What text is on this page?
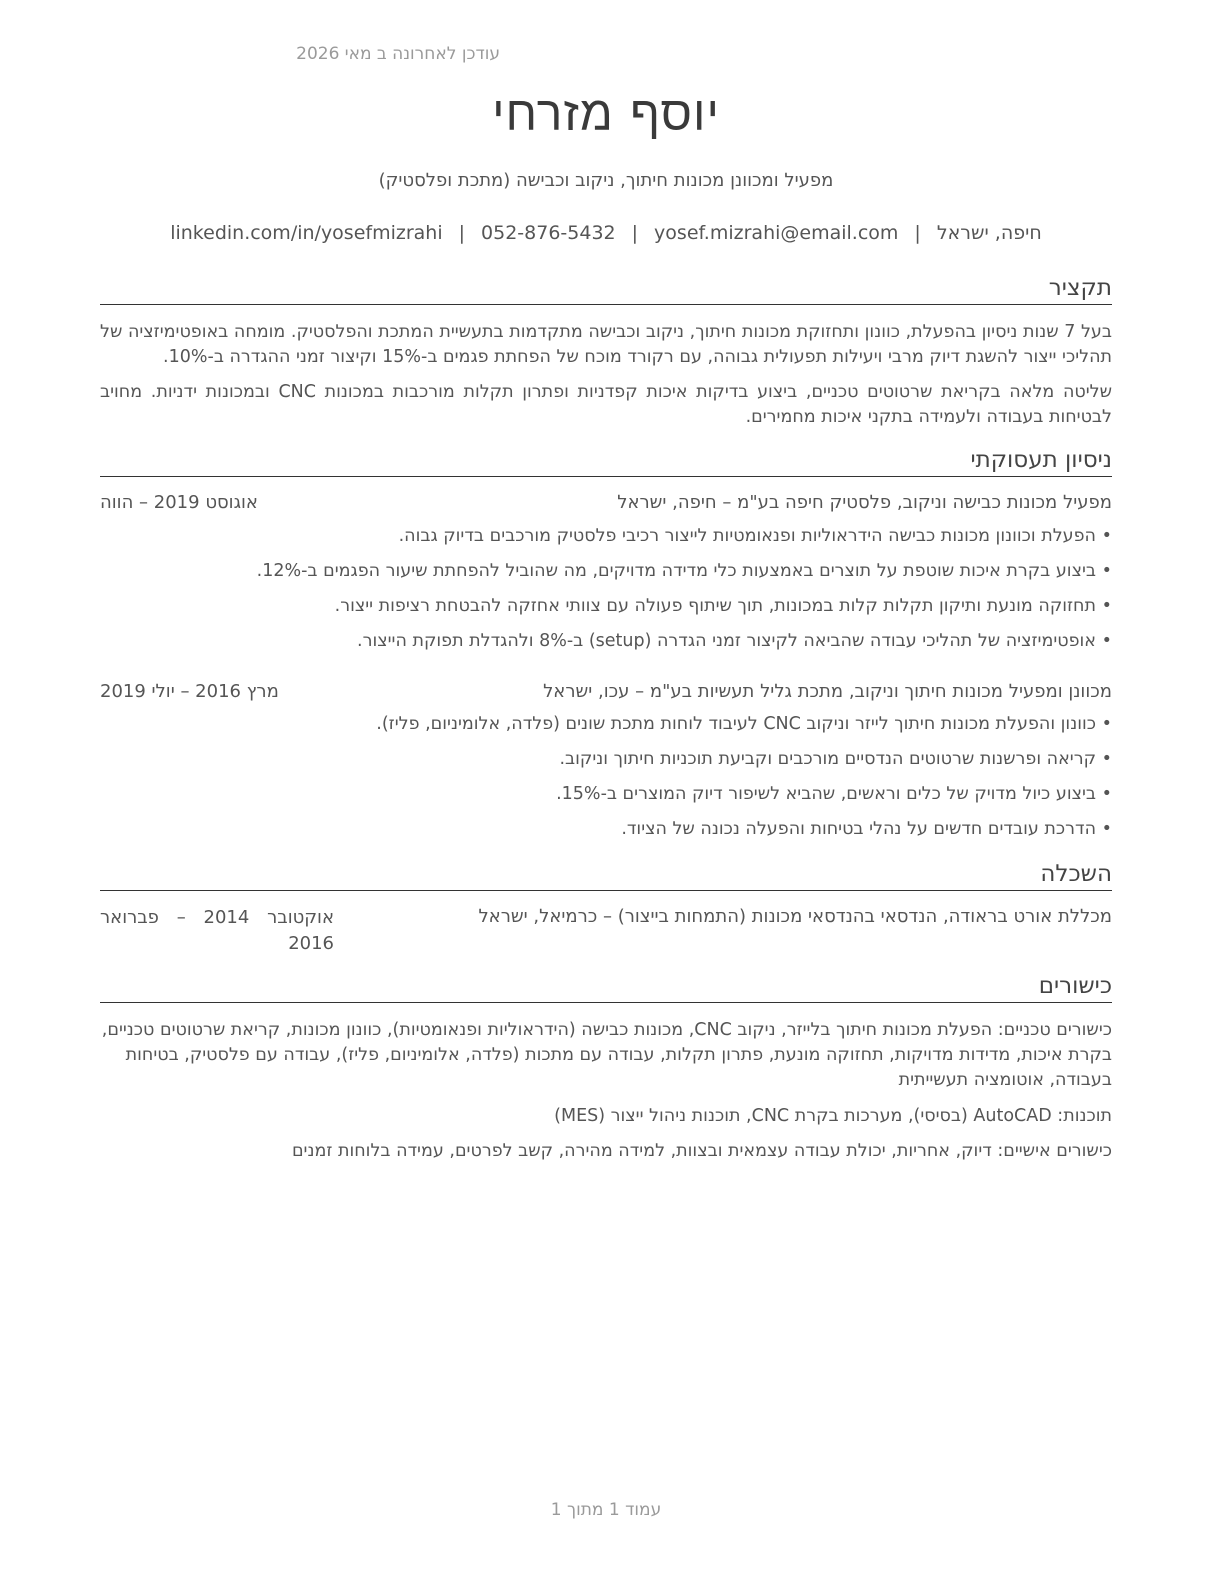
עודכן לאחרונה ב מאי 2026
יוסף מזרחי
מפעיל ומכוונן מכונות חיתוך, ניקוב וכבישה (מתכת ופלסטיק)
חיפה, ישראל|yosef.mizrahi@email.com|052-876-5432|linkedin.com/in/yosefmizrahi
תקציר
בעל 7 שנות ניסיון בהפעלת, כוונון ותחזוקת מכונות חיתוך, ניקוב וכבישה מתקדמות בתעשיית המתכת והפלסטיק. מומחה באופטימיזציה של תהליכי ייצור להשגת דיוק מרבי ויעילות תפעולית גבוהה, עם רקורד מוכח של הפחתת פגמים ב-15% וקיצור זמני ההגדרה ב-10%.
שליטה מלאה בקריאת שרטוטים טכניים, ביצוע בדיקות איכות קפדניות ופתרון תקלות מורכבות במכונות CNC ובמכונות ידניות. מחויב לבטיחות בעבודה ולעמידה בתקני איכות מחמירים.
ניסיון תעסוקתי
מפעיל מכונות כבישה וניקוב, פלסטיק חיפה בע"מ – חיפה, ישראל
אוגוסט 2019 – הווה
•
הפעלת וכוונון מכונות כבישה הידראוליות ופנאומטיות לייצור רכיבי פלסטיק מורכבים בדיוק גבוה.
•
ביצוע בקרת איכות שוטפת על תוצרים באמצעות כלי מדידה מדויקים, מה שהוביל להפחתת שיעור הפגמים ב-12%.
•
תחזוקה מונעת ותיקון תקלות קלות במכונות, תוך שיתוף פעולה עם צוותי אחזקה להבטחת רציפות ייצור.
•
אופטימיזציה של תהליכי עבודה שהביאה לקיצור זמני הגדרה (setup) ב-8% ולהגדלת תפוקת הייצור.
מכוונן ומפעיל מכונות חיתוך וניקוב, מתכת גליל תעשיות בע"מ – עכו, ישראל
מרץ 2016 – יולי 2019
•
כוונון והפעלת מכונות חיתוך לייזר וניקוב CNC לעיבוד לוחות מתכת שונים (פלדה, אלומיניום, פליז).
•
קריאה ופרשנות שרטוטים הנדסיים מורכבים וקביעת תוכניות חיתוך וניקוב.
•
ביצוע כיול מדויק של כלים וראשים, שהביא לשיפור דיוק המוצרים ב-15%.
•
הדרכת עובדים חדשים על נהלי בטיחות והפעלה נכונה של הציוד.
השכלה
מכללת אורט בראודה, הנדסאי בהנדסאי מכונות (התמחות בייצור) – כרמיאל, ישראל
אוקטובר 2014 – פברואר 2016
כישורים
כישורים טכניים: הפעלת מכונות חיתוך בלייזר, ניקוב CNC, מכונות כבישה (הידראוליות ופנאומטיות), כוונון מכונות, קריאת שרטוטים טכניים, בקרת איכות, מדידות מדויקות, תחזוקה מונעת, פתרון תקלות, עבודה עם מתכות (פלדה, אלומיניום, פליז), עבודה עם פלסטיק, בטיחות בעבודה, אוטומציה תעשייתית
תוכנות: AutoCAD (בסיסי), מערכות בקרת CNC, תוכנות ניהול ייצור (MES)
כישורים אישיים: דיוק, אחריות, יכולת עבודה עצמאית ובצוות, למידה מהירה, קשב לפרטים, עמידה בלוחות זמנים
עמוד 1 מתוך 1
